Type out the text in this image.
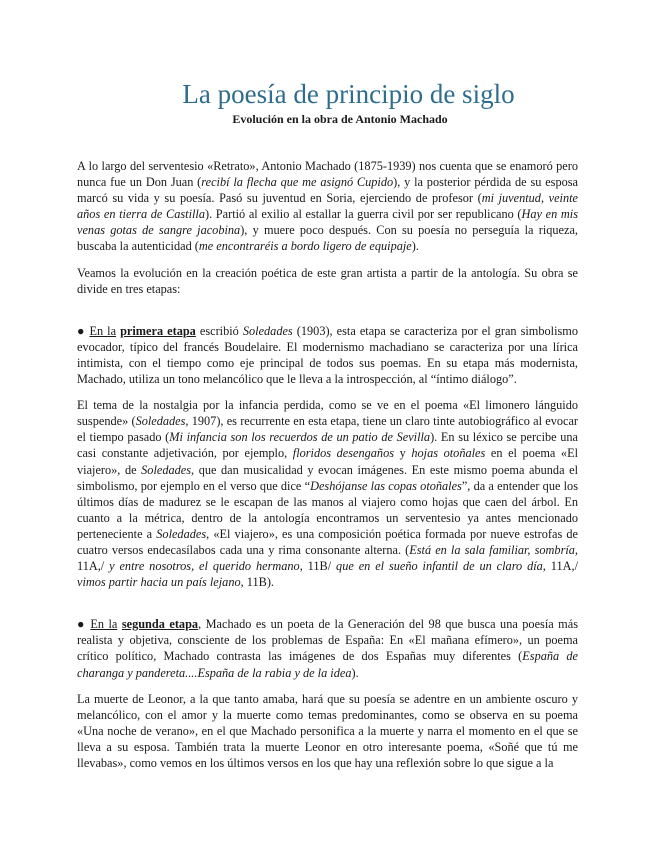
La poesía de principio de siglo
Evolución en la obra de Antonio Machado

A lo largo del serventesio «Retrato», Antonio Machado (1875-1939) nos cuenta que se enamoró pero nunca fue un Don Juan (recibí la flecha que me asignó Cupido), y la posterior pérdida de su esposa marcó su vida y su poesía. Pasó su juventud en Soria, ejerciendo de profesor (mi juventud, veinte años en tierra de Castilla). Partió al exilio al estallar la guerra civil por ser republicano (Hay en mis venas gotas de sangre jacobina), y muere poco después. Con su poesía no perseguía la riqueza, buscaba la autenticidad (me encontraréis a bordo ligero de equipaje).

Veamos la evolución en la creación poética de este gran artista a partir de la antología. Su obra se divide en tres etapas:

● En la primera etapa escribió Soledades (1903), esta etapa se caracteriza por el gran simbolismo evocador, típico del francés Boudelaire. El modernismo machadiano se caracteriza por una lírica intimista, con el tiempo como eje principal de todos sus poemas. En su etapa más modernista, Machado, utiliza un tono melancólico que le lleva a la introspección, al “íntimo diálogo”.

El tema de la nostalgia por la infancia perdida, como se ve en el poema «El limonero lánguido suspende» (Soledades, 1907), es recurrente en esta etapa, tiene un claro tinte autobiográfico al evocar el tiempo pasado (Mi infancia son los recuerdos de un patio de Sevilla). En su léxico se percibe una casi constante adjetivación, por ejemplo, floridos desengaños y hojas otoñales en el poema «El viajero», de Soledades, que dan musicalidad y evocan imágenes. En este mismo poema abunda el simbolismo, por ejemplo en el verso que dice “Deshójanse las copas otoñales”, da a entender que los últimos días de madurez se le escapan de las manos al viajero como hojas que caen del árbol. En cuanto a la métrica, dentro de la antología encontramos un serventesio ya antes mencionado perteneciente a Soledades, «El viajero», es una composición poética formada por nueve estrofas de cuatro versos endecasílabos cada una y rima consonante alterna. (Está en la sala familiar, sombría, 11A,/ y entre nosotros, el querido hermano, 11B/ que en el sueño infantil de un claro día, 11A,/ vimos partir hacia un país lejano, 11B).

● En la segunda etapa, Machado es un poeta de la Generación del 98 que busca una poesía más realista y objetiva, consciente de los problemas de España: En «El mañana efímero», un poema crítico político, Machado contrasta las imágenes de dos Españas muy diferentes (España de charanga y pandereta....España de la rabia y de la idea).

La muerte de Leonor, a la que tanto amaba, hará que su poesía se adentre en un ambiente oscuro y melancólico, con el amor y la muerte como temas predominantes, como se observa en su poema «Una noche de verano», en el que Machado personifica a la muerte y narra el momento en el que se lleva a su esposa. También trata la muerte Leonor en otro interesante poema, «Soñé que tú me llevabas», como vemos en los últimos versos en los que hay una reflexión sobre lo que sigue a la
